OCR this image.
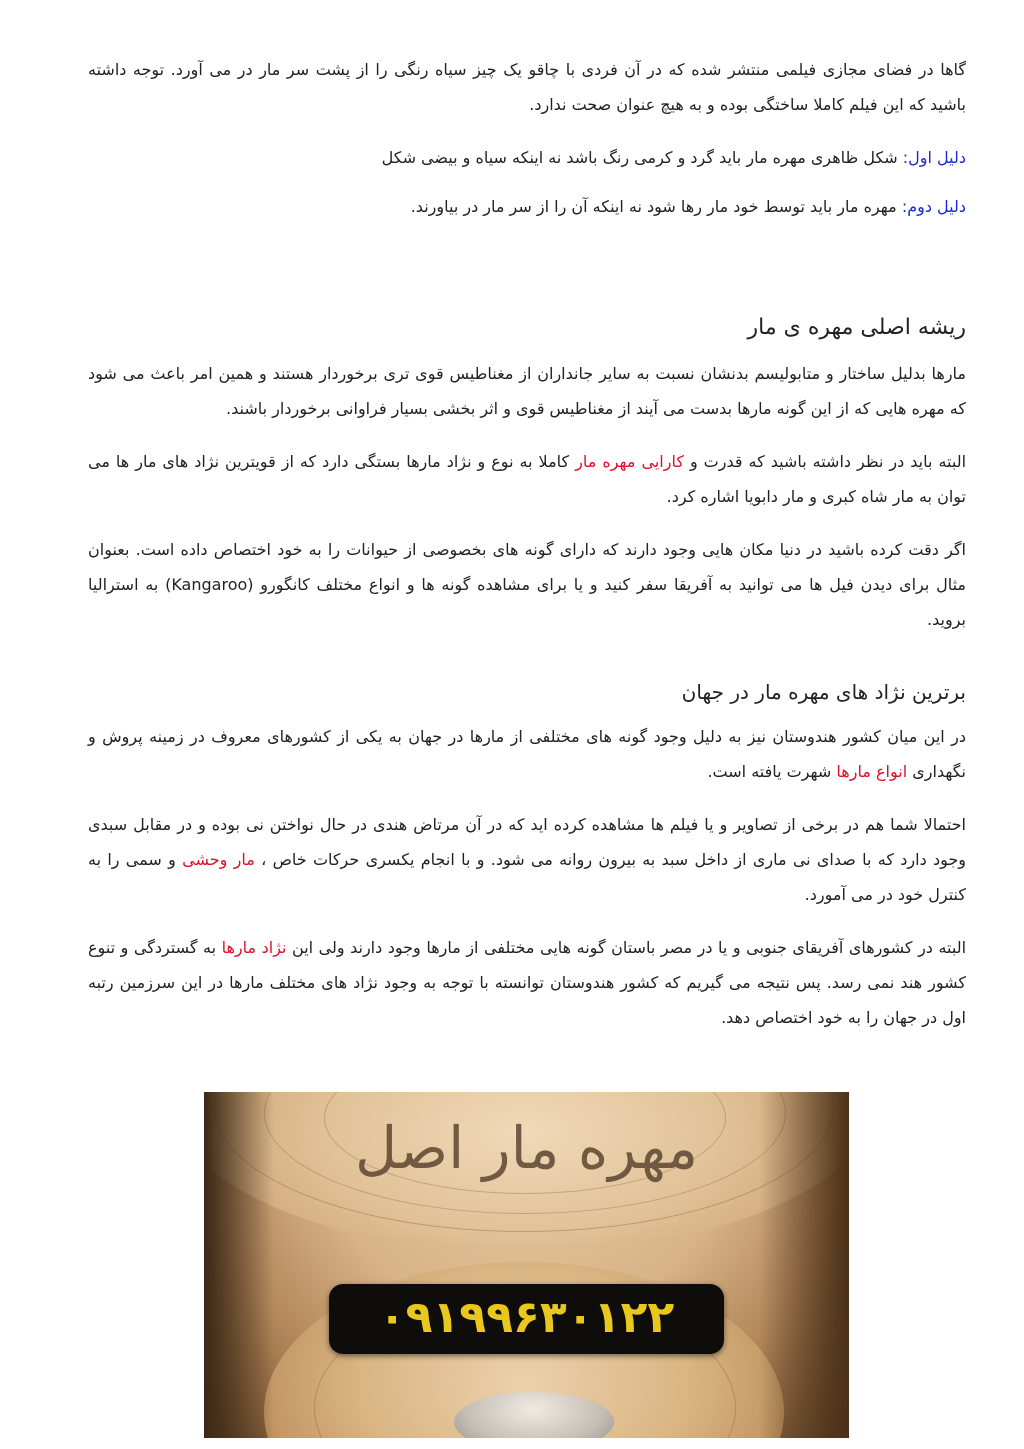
گاها در فضای مجازی فیلمی منتشر شده که در آن فردی با چاقو یک چیز سیاه رنگی را از پشت سر مار در می آورد. توجه داشته باشید که این فیلم کاملا ساختگی بوده و به هیچ عنوان صحت ندارد.

دلیل اول: شکل ظاهری مهره مار باید گرد و کرمی رنگ باشد نه اینکه سیاه و بیضی شکل

دلیل دوم: مهره مار باید توسط خود مار رها شود نه اینکه آن را از سر مار در بیاورند.

ریشه اصلی مهره ی مار

مارها بدلیل ساختار و متابولیسم بدنشان نسبت به سایر جانداران از مغناطیس قوی تری برخوردار هستند و همین امر باعث می شود که مهره هایی که از این گونه مارها بدست می آیند از مغناطیس قوی و اثر بخشی بسیار فراوانی برخوردار باشند.

البته باید در نظر داشته باشید که قدرت و کارایی مهره مار کاملا به نوع و نژاد مارها بستگی دارد که از قویترین نژاد های مار ها می توان به مار شاه کبری و مار دابویا اشاره کرد.

اگر دقت کرده باشید در دنیا مکان هایی وجود دارند که دارای گونه های بخصوصی از حیوانات را به خود اختصاص داده است. بعنوان مثال برای دیدن فیل ها می توانید به آفریقا سفر کنید و یا برای مشاهده گونه ها و انواع مختلف کانگورو (Kangaroo) به استرالیا بروید.

برترین نژاد های مهره مار در جهان

در این میان کشور هندوستان نیز به دلیل وجود گونه های مختلفی از مارها در جهان به یکی از کشورهای معروف در زمینه پروش و نگهداری انواع مارها شهرت یافته است.

احتمالا شما هم در برخی از تصاویر و یا فیلم ها مشاهده کرده اید که در آن مرتاض هندی در حال نواختن نی بوده و در مقابل سبدی وجود دارد که با صدای نی ماری از داخل سبد به بیرون روانه می شود. و با انجام یکسری حرکات خاص ، مار وحشی و سمی را به کنترل خود در می آمورد.

البته در کشورهای آفریقای جنوبی و یا در مصر باستان گونه هایی مختلفی از مارها وجود دارند ولی این نژاد مارها به گستردگی و تنوع کشور هند نمی رسد. پس نتیجه می گیریم که کشور هندوستان توانسته با توجه به وجود نژاد های مختلف مارها در این سرزمین رتبه اول در جهان را به خود اختصاص دهد.

مهره مار اصل
۰۹۱۹۹۶۳۰۱۲۲
